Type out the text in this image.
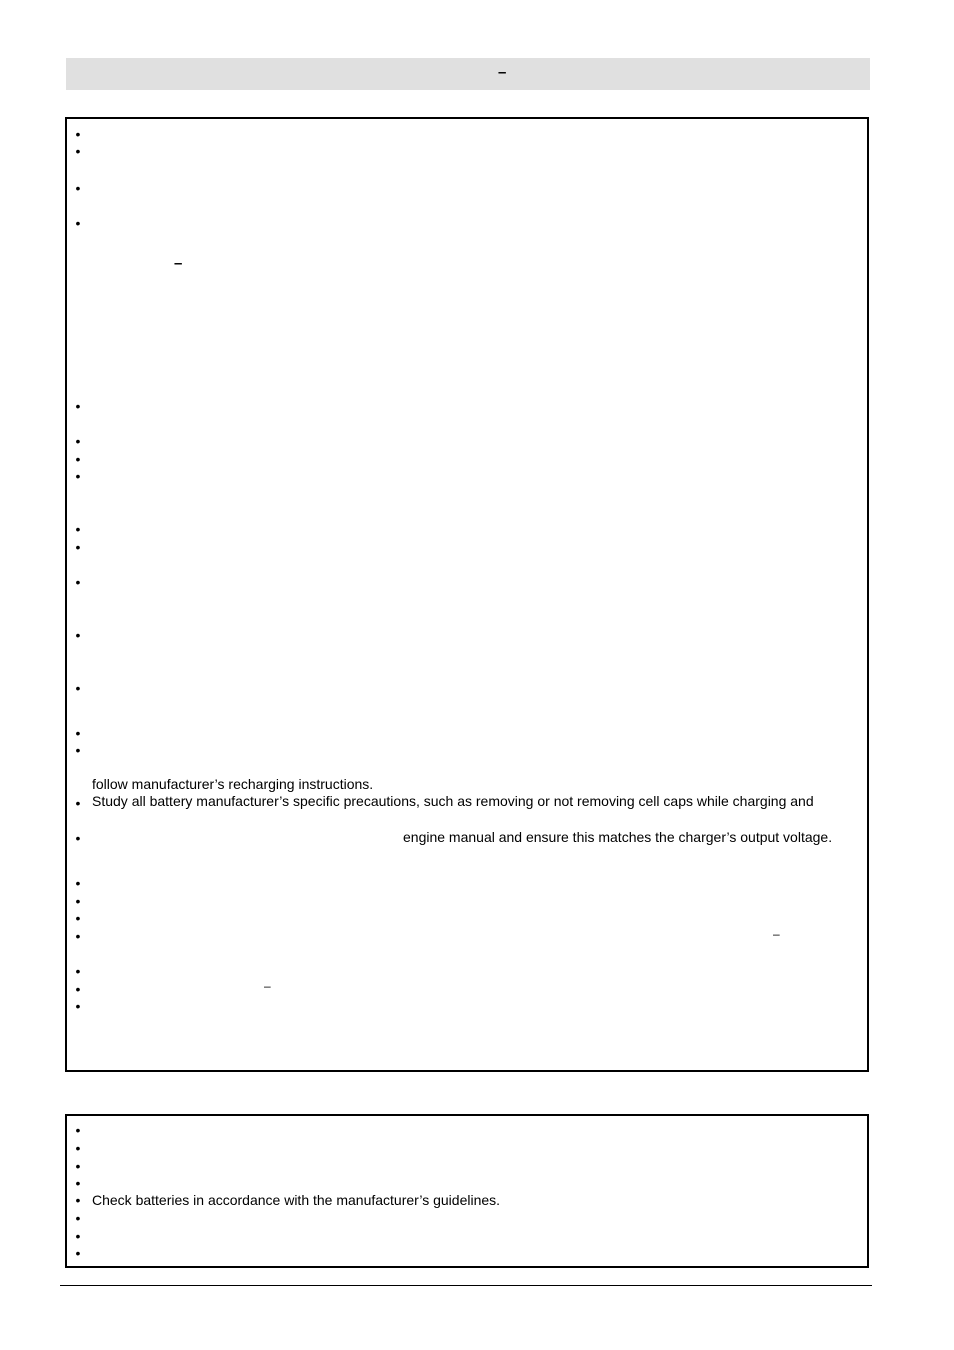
–
•
•
•
•
•
•
•
•
•
•
•
•
•
•
•
•
•
•
•
•
•
•
•
•
–
follow manufacturer’s recharging instructions.
Study all battery manufacturer’s specific precautions, such as removing or not removing cell caps while charging and
engine manual and ensure this matches the charger’s output voltage.
–
–
•
•
•
•
•
•
•
•
Check batteries in accordance with the manufacturer’s guidelines.
